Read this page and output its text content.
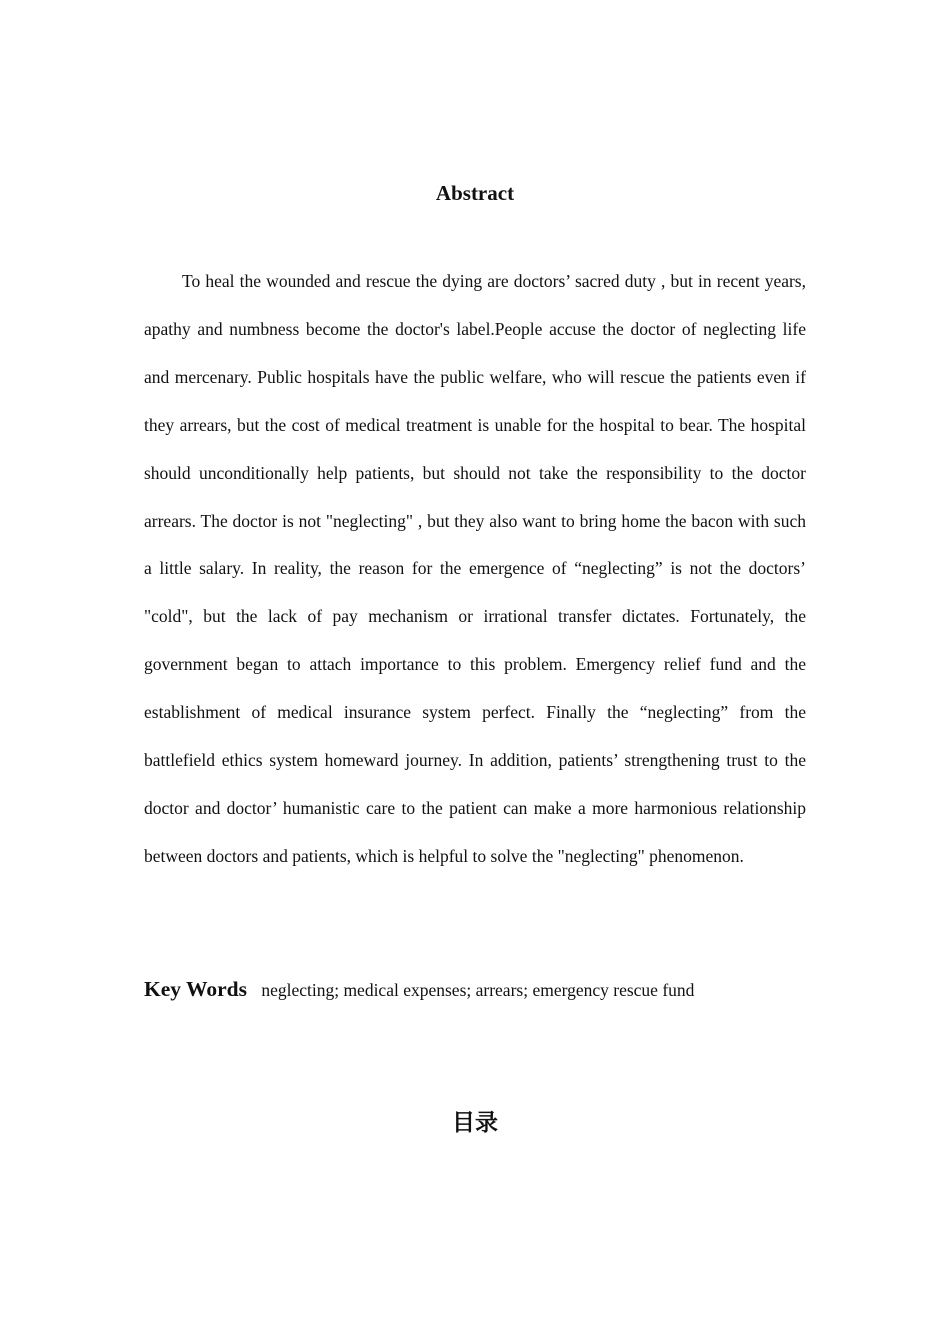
Abstract

To heal the wounded and rescue the dying are doctors’ sacred duty , but in recent years, apathy and numbness become the doctor's label.People accuse the doctor of neglecting life and mercenary. Public hospitals have the public welfare, who will rescue the patients even if they arrears, but the cost of medical treatment is unable for the hospital to bear. The hospital should unconditionally help patients, but should not take the responsibility to the doctor arrears. The doctor is not "neglecting" , but they also want to bring home the bacon with such a little salary. In reality, the reason for the emergence of “neglecting” is not the doctors’ "cold", but the lack of pay mechanism or irrational transfer dictates. Fortunately, the government began to attach importance to this problem. Emergency relief fund and the establishment of medical insurance system perfect. Finally the “neglecting” from the battlefield ethics system homeward journey. In addition, patients’ strengthening trust to the doctor and doctor’ humanistic care to the patient can make a more harmonious relationship between doctors and patients, which is helpful to solve the "neglecting" phenomenon.

Key Words neglecting; medical expenses; arrears; emergency rescue fund
目录
